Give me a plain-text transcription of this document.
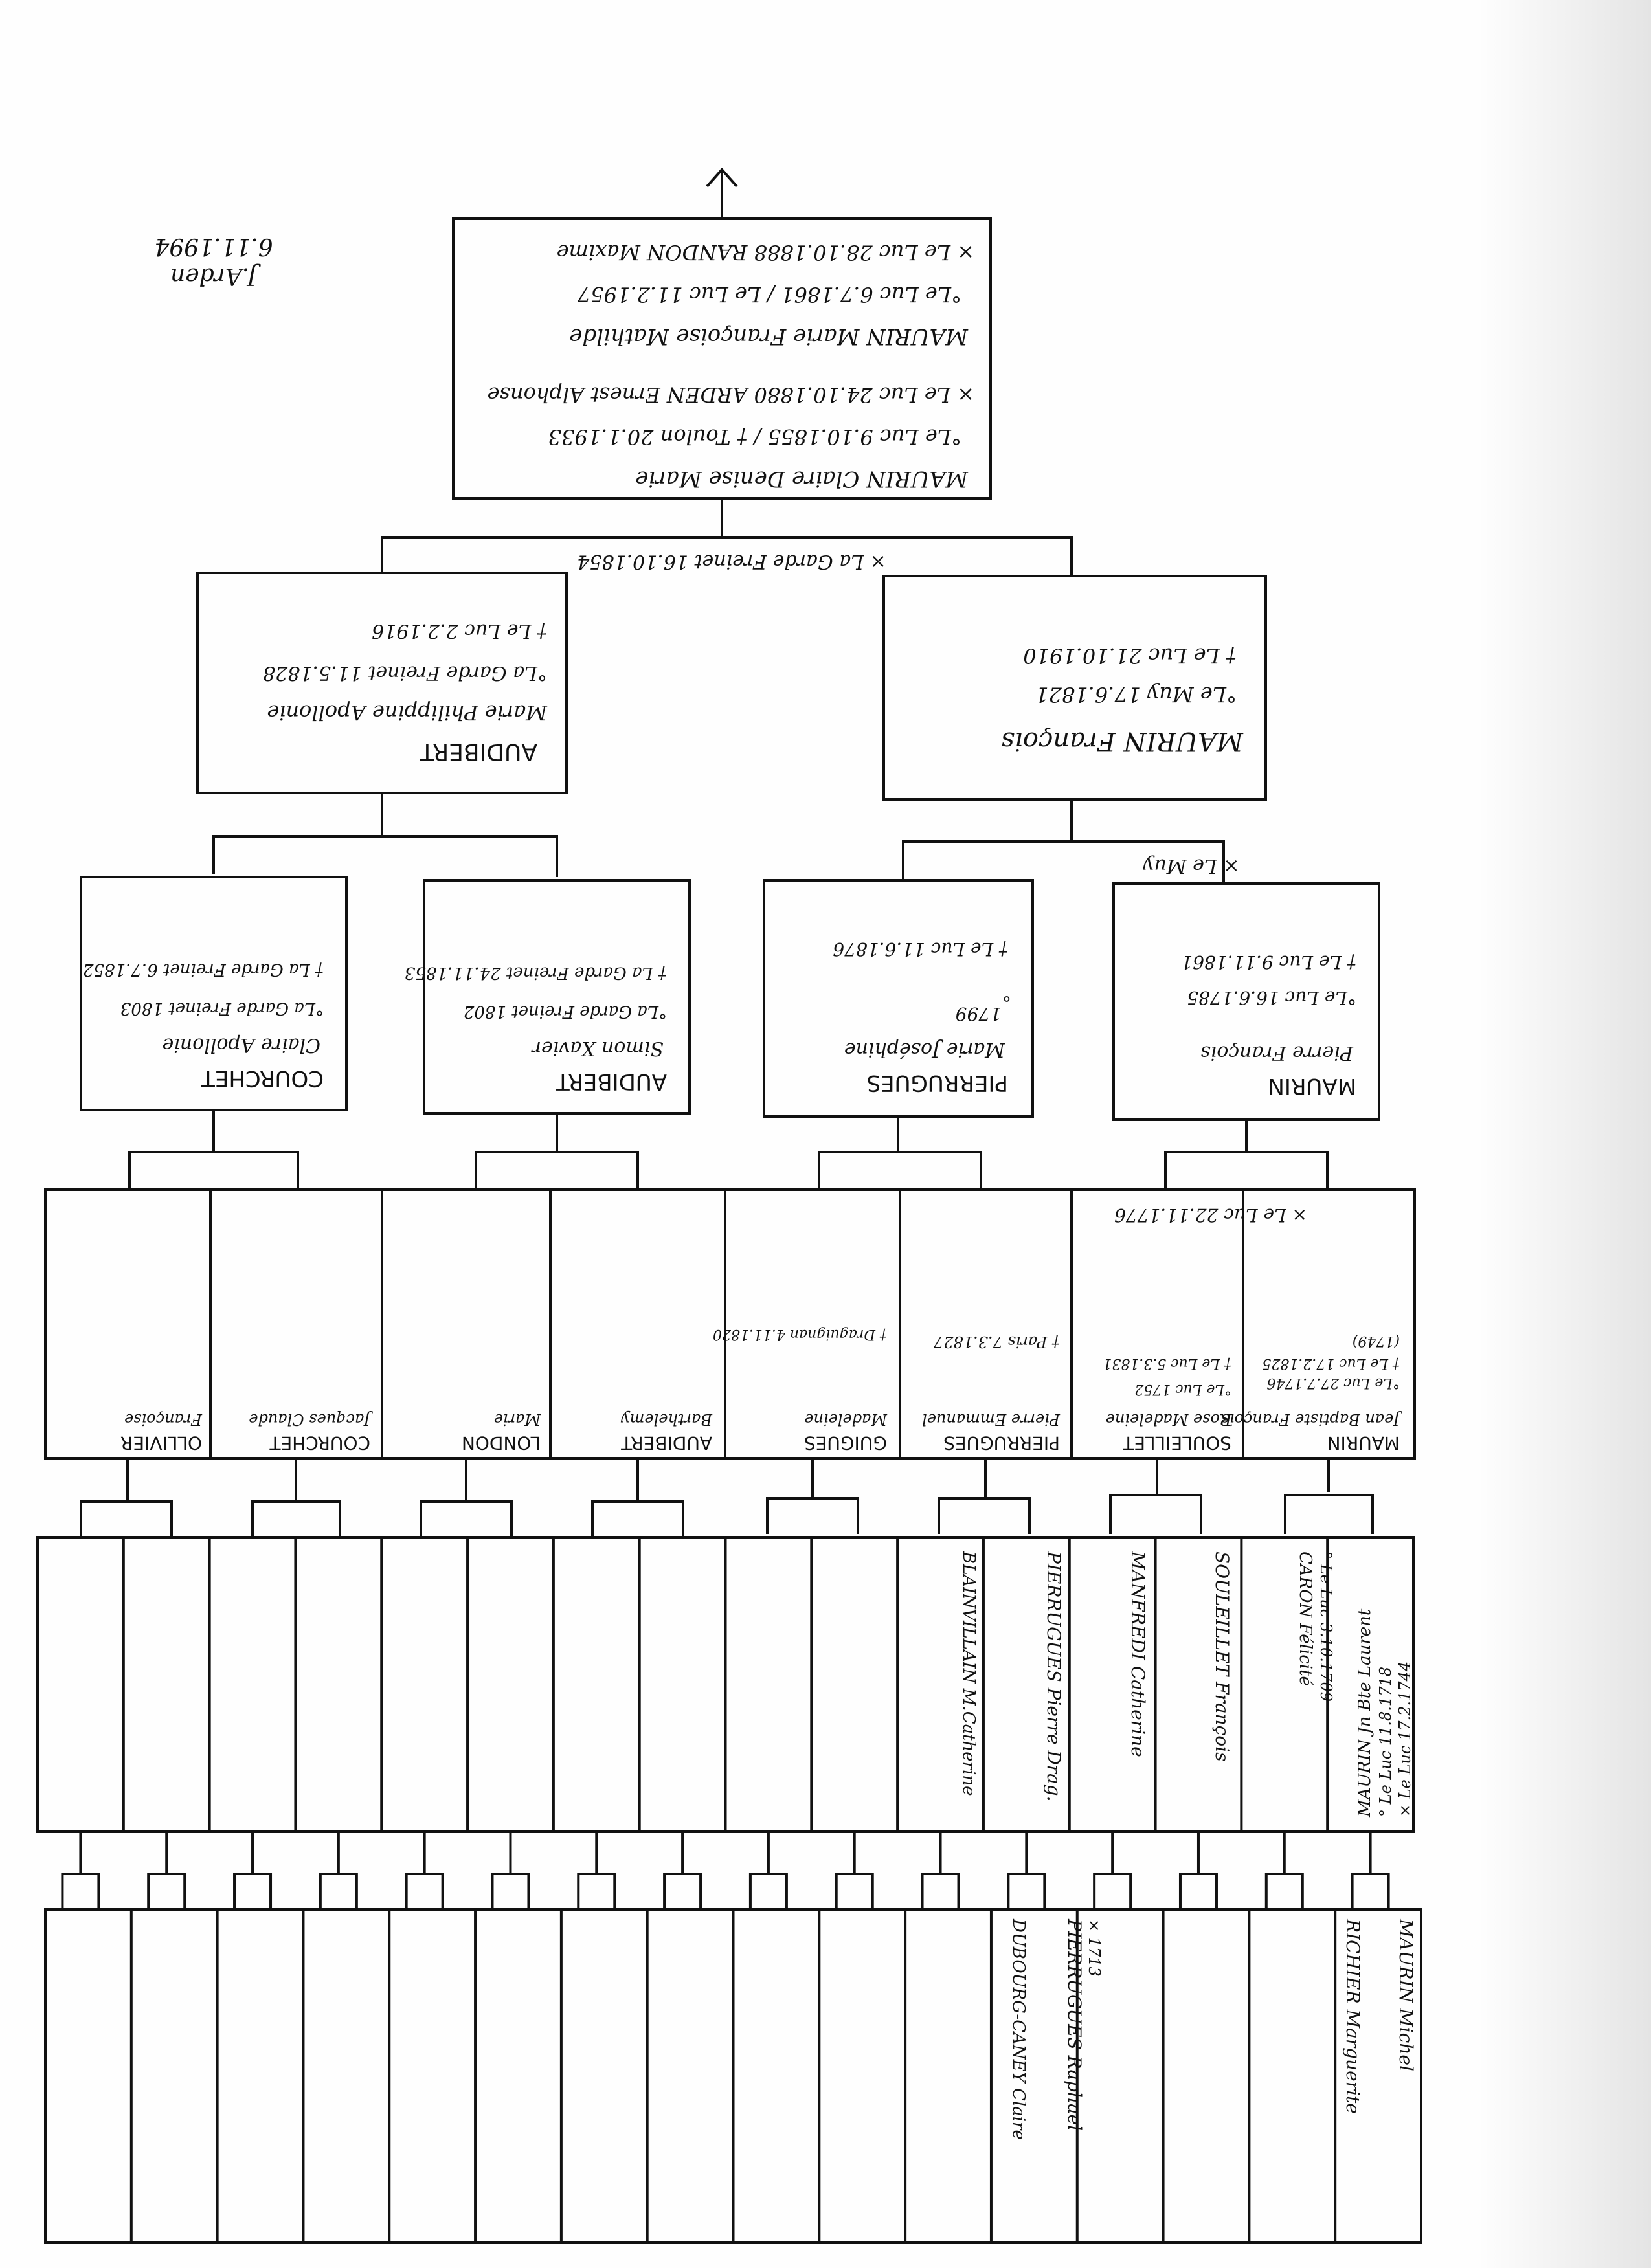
J.Arden
6.11.1994
MAURIN Claire Denise Marie
°Le Luc 9.10.1855 / † Toulon 20.1.1933
× Le Luc 24.10.1880 ARDEN Ernest Alphonse
MAURIN Marie Françoise Mathilde
°Le Luc 6.7.1861 / Le Luc 11.2.1957
× Le Luc 28.10.1888 RANDON Maxime
× La Garde Freinet 16.10.1854
MAURIN François
°Le Muy 17.6.1821
† Le Luc 21.10.1910
AUDIBERT
Marie Philippine Apollonie
°La Garde Freinet 11.5.1828
† Le Luc 2.2.1916
× Le Muy
MAURIN
Pierre François
°Le Luc 16.6.1785
† Le Luc 9.11.1861
PIERRUGUES
Marie Joséphine
1799
°
† Le Luc 11.6.1876
AUDIBERT
Simon Xavier
°La Garde Freinet 1802
† La Garde Freinet 24.11.1853
COURCHET
Claire Apollonie
°La Garde Freinet 1803
† La Garde Freinet 6.7.1852
× Le Luc 22.11.1776
MAURIN
Jean Baptiste François
°Le Luc 27.7.1746
† Le Luc 17.2.1825
(1749)
SOULEILLET
Rose Madeleine
°Le Luc 1752
† Le Luc 5.3.1831
PIERRUGUES
Pierre Emmanuel
† Paris 7.3.1827
GUIGUES
Madeleine
† Draguignan 4.11.1820
AUDIBERT
Barthelemy
LONDON
Marie
COURCHET
Jacques Claude
OLLIVIER
Françoise
MAURIN Jn Bte Laurent ° Le Luc 11.8.1718 × Le Luc 17.2.1744
CARON Félicité ° Le Luc 3.10.1709
SOULEILLET François
MANFREDI Catherine
PIERRUGUES Pierre Drag.
BLAINVILLAIN M.Catherine
MAURIN Michel
RICHIER Marguerite
PIERRUGUES Raphael × 1713
DUBOURG-CANEY Claire
